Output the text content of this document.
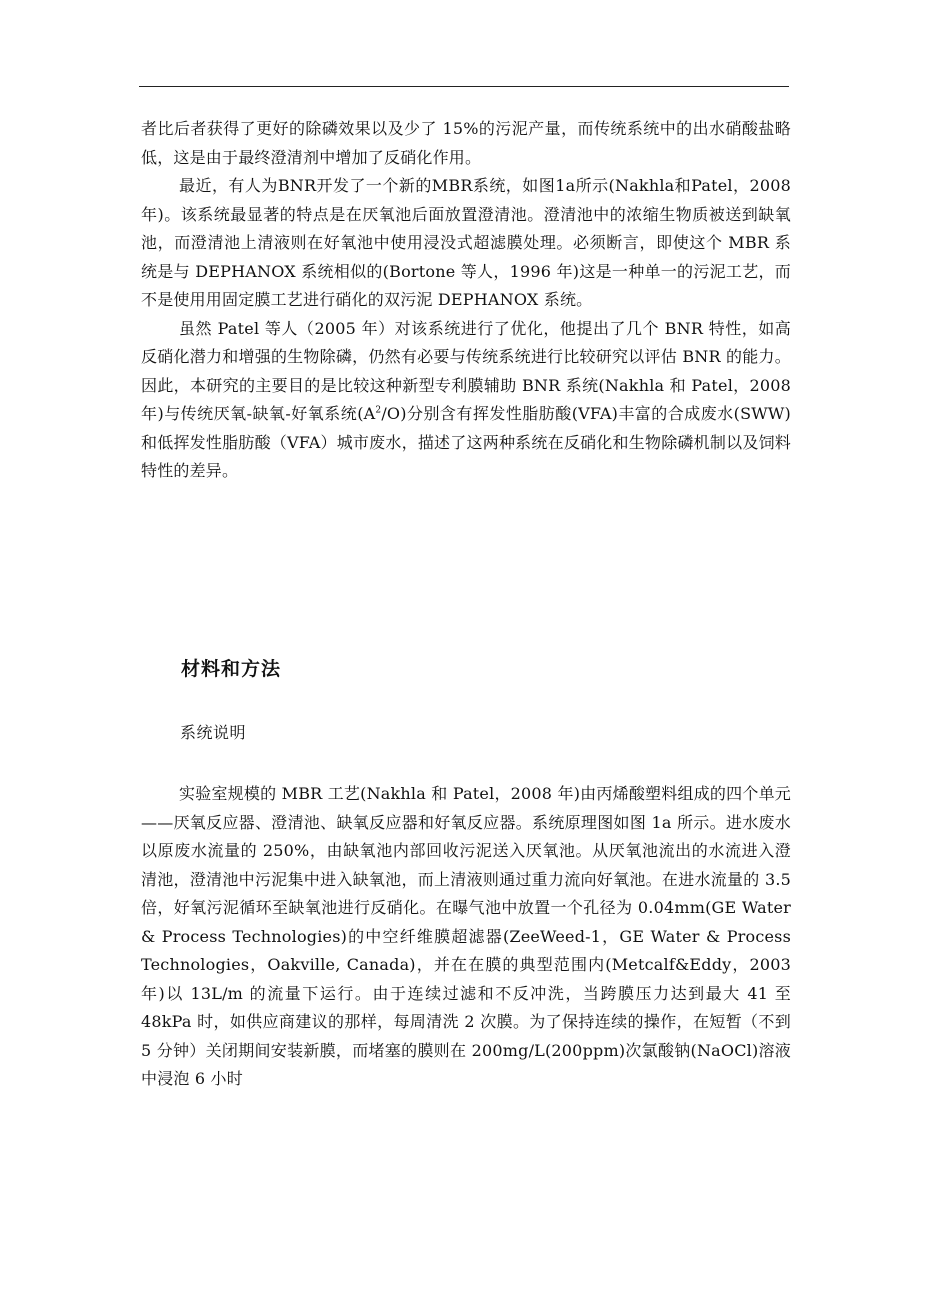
者比后者获得了更好的除磷效果以及少了 15%的污泥产量，而传统系统中的出水硝酸盐略低，这是由于最终澄清剂中增加了反硝化作用。

最近，有人为BNR开发了一个新的MBR系统，如图1a所示(Nakhla和Patel，2008年)。该系统最显著的特点是在厌氧池后面放置澄清池。澄清池中的浓缩生物质被送到缺氧池，而澄清池上清液则在好氧池中使用浸没式超滤膜处理。必须断言，即使这个 MBR 系统是与 DEPHANOX 系统相似的(Bortone 等人，1996 年)这是一种单一的污泥工艺，而不是使用用固定膜工艺进行硝化的双污泥 DEPHANOX 系统。

虽然 Patel 等人（2005 年）对该系统进行了优化，他提出了几个 BNR 特性，如高反硝化潜力和增强的生物除磷，仍然有必要与传统系统进行比较研究以评估 BNR 的能力。因此，本研究的主要目的是比较这种新型专利膜辅助 BNR 系统(Nakhla 和 Patel，2008 年)与传统厌氧-缺氧-好氧系统$(A^2/O)$分别含有挥发性脂肪酸(VFA)丰富的合成废水(SWW)和低挥发性脂肪酸（VFA）城市废水，描述了这两种系统在反硝化和生物除磷机制以及饲料特性的差异。

材料和方法
系统说明

实验室规模的 MBR 工艺(Nakhla 和 Patel，2008 年)由丙烯酸塑料组成的四个单元——厌氧反应器、澄清池、缺氧反应器和好氧反应器。系统原理图如图 1a 所示。进水废水以原废水流量的 250%，由缺氧池内部回收污泥送入厌氧池。从厌氧池流出的水流进入澄清池，澄清池中污泥集中进入缺氧池，而上清液则通过重力流向好氧池。在进水流量的 3.5 倍，好氧污泥循环至缺氧池进行反硝化。在曝气池中放置一个孔径为 0.04mm(GE Water & Process Technologies)的中空纤维膜超滤器(ZeeWeed-1，GE Water & Process Technologies，Oakville, Canada)，并在在膜的典型范围内(Metcalf&Eddy，2003 年)以 13L/m 的流量下运行。由于连续过滤和不反冲洗，当跨膜压力达到最大 41 至 48kPa 时，如供应商建议的那样，每周清洗 2 次膜。为了保持连续的操作，在短暂（不到 5 分钟）关闭期间安装新膜，而堵塞的膜则在 200mg/L(200ppm)次氯酸钠(NaOCl)溶液中浸泡 6 小时
